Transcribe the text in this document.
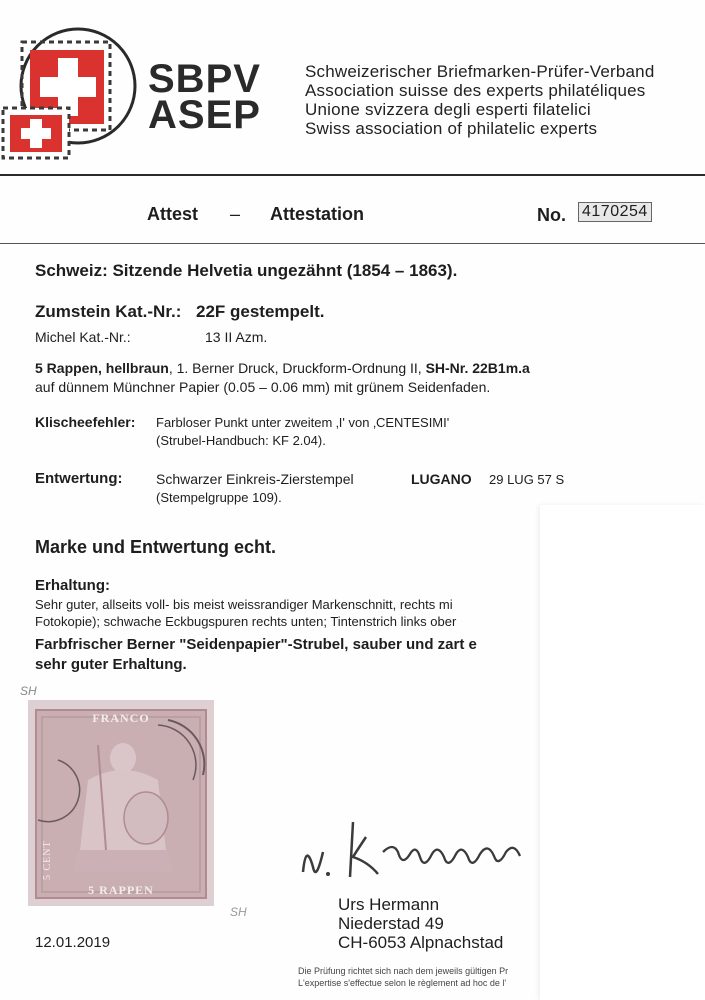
SBPV
ASEP
Schweizerischer Briefmarken-Prüfer-Verband
Association suisse des experts philatéliques
Unione svizzera degli esperti filatelici
Swiss association of philatelic experts
Attest – Attestation	No. 4170254
Schweiz: Sitzende Helvetia ungezähnt (1854 – 1863).
Zumstein Kat.-Nr.: 22F gestempelt.
Michel Kat.-Nr.:	13 II Azm.
5 Rappen, hellbraun, 1. Berner Druck, Druckform-Ordnung II, SH-Nr. 22B1m.a
auf dünnem Münchner Papier (0.05 – 0.06 mm) mit grünem Seidenfaden.
Klischeefehler: Farbloser Punkt unter zweitem ‚I' von ‚CENTESIMI'
(Strubel-Handbuch: KF 2.04).
Entwertung: Schwarzer Einkreis-Zierstempel	LUGANO 29 LUG 57 S
(Stempelgruppe 109).
Marke und Entwertung echt.
Erhaltung:
Sehr guter, allseits voll- bis meist weissrandiger Markenschnitt, rechts mi
Fotokopie); schwache Eckbugspuren rechts unten; Tintenstrich links ober
Farbfrischer Berner "Seidenpapier"-Strubel, sauber und zart e
sehr guter Erhaltung.
SH
FRANCO
5 RAPPEN
5 CENT
SH	Urs Hermann
Niederstad 49
CH-6053 Alpnachstad
12.01.2019
Die Prüfung richtet sich nach dem jeweils gültigen Pr
L'expertise s'effectue selon le règlement ad hoc de l'
